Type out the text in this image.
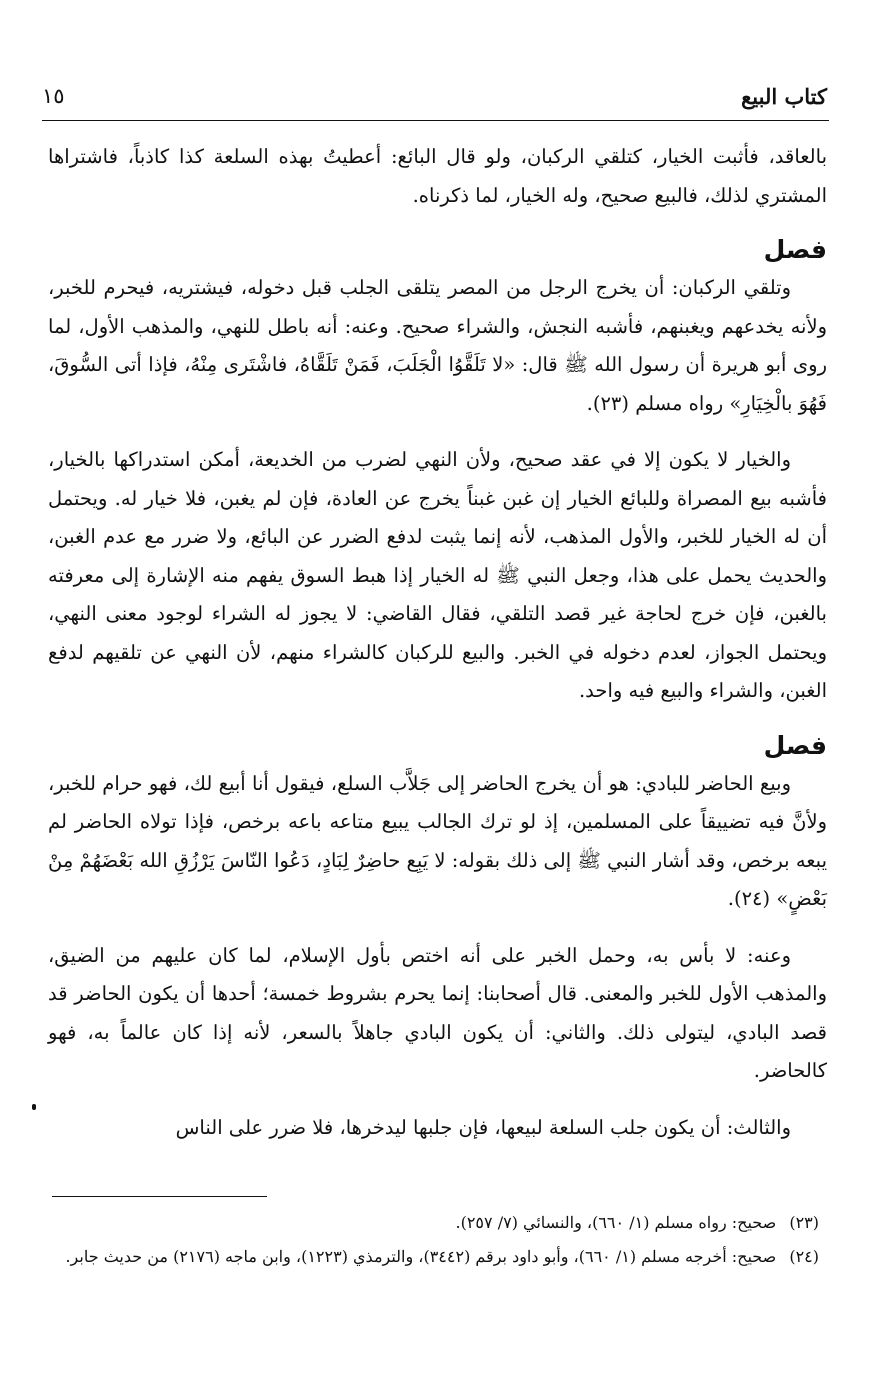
كتاب البيع
١٥

بالعاقد، فأثبت الخيار، كتلقي الركبان، ولو قال البائع: أعطيتُ بهذه السلعة كذا كاذباً، فاشتراها المشتري لذلك، فالبيع صحيح، وله الخيار، لما ذكرناه.

فصل

وتلقي الركبان: أن يخرج الرجل من المصر يتلقى الجلب قبل دخوله، فيشتريه، فيحرم للخبر، ولأنه يخدعهم ويغبنهم، فأشبه النجش، والشراء صحيح. وعنه: أنه باطل للنهي، والمذهب الأول، لما روى أبو هريرة أن رسول الله ﷺ قال: «لا تَلَقَّوُا الْجَلَبَ، فَمَنْ تَلَقَّاهُ، فاشْتَرى مِنْهُ، فإذا أتى السُّوقَ، فَهُوَ بالْخِيَارِ» رواه مسلم (٢٣).

والخيار لا يكون إلا في عقد صحيح، ولأن النهي لضرب من الخديعة، أمكن استدراكها بالخيار، فأشبه بيع المصراة وللبائع الخيار إن غبن غبناً يخرج عن العادة، فإن لم يغبن، فلا خيار له. ويحتمل أن له الخيار للخبر، والأول المذهب، لأنه إنما يثبت لدفع الضرر عن البائع، ولا ضرر مع عدم الغبن، والحديث يحمل على هذا، وجعل النبي ﷺ له الخيار إذا هبط السوق يفهم منه الإشارة إلى معرفته بالغبن، فإن خرج لحاجة غير قصد التلقي، فقال القاضي: لا يجوز له الشراء لوجود معنى النهي، ويحتمل الجواز، لعدم دخوله في الخبر. والبيع للركبان كالشراء منهم، لأن النهي عن تلقيهم لدفع الغبن، والشراء والبيع فيه واحد.

فصل

وبيع الحاضر للبادي: هو أن يخرج الحاضر إلى جَلاَّب السلع، فيقول أنا أبيع لك، فهو حرام للخبر، ولأنَّ فيه تضييقاً على المسلمين، إذ لو ترك الجالب يبيع متاعه باعه برخص، فإذا تولاه الحاضر لم يبعه برخص، وقد أشار النبي ﷺ إلى ذلك بقوله: لا يَبِع حاضِرٌ لِبَادٍ، دَعُوا النّاسَ يَرْزُقِ الله بَعْضَهُمْ مِنْ بَعْضٍ» (٢٤).

وعنه: لا بأس به، وحمل الخبر على أنه اختص بأول الإسلام، لما كان عليهم من الضيق، والمذهب الأول للخبر والمعنى. قال أصحابنا: إنما يحرم بشروط خمسة؛ أحدها أن يكون الحاضر قد قصد البادي، ليتولى ذلك. والثاني: أن يكون البادي جاهلاً بالسعر، لأنه إذا كان عالماً به، فهو كالحاضر.

والثالث: أن يكون جلب السلعة لبيعها، فإن جلبها ليدخرها، فلا ضرر على الناس

(٢٣) صحيح: رواه مسلم (١/ ٦٦٠)، والنسائي (٧/ ٢٥٧).
(٢٤) صحيح: أخرجه مسلم (١/ ٦٦٠)، وأبو داود برقم (٣٤٤٢)، والترمذي (١٢٢٣)، وابن ماجه (٢١٧٦) من حديث جابر.
